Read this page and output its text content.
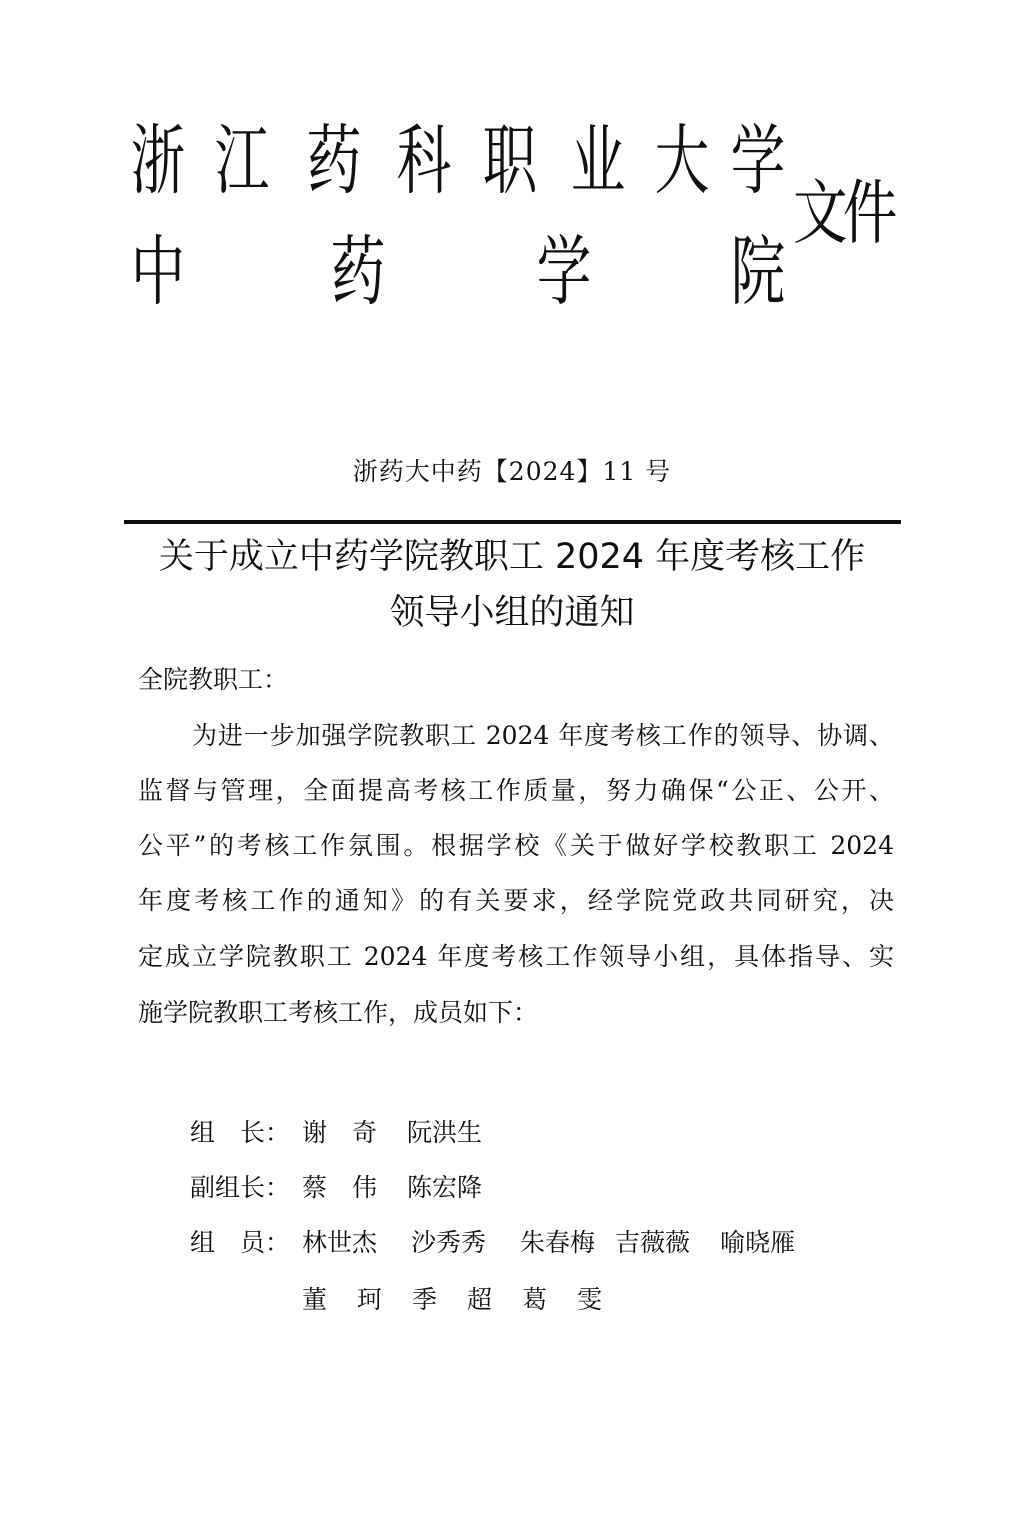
浙 江 药 科 职 业 大 学
中 药 学 院
文件
浙药大中药【2024】11 号
关于成立中药学院教职工 2024 年度考核工作
领导小组的通知
全院教职工：
为进一步加强学院教职工 2024 年度考核工作的领导、协调、
监督与管理，全面提高考核工作质量，努力确保“公正、公开、
公平”的考核工作氛围。根据学校《关于做好学校教职工 2024
年度考核工作的通知》的有关要求，经学院党政共同研究，决
定成立学院教职工 2024 年度考核工作领导小组，具体指导、实
施学院教职工考核工作，成员如下：
组　长： 谢　奇 阮洪生
副组长： 蔡　伟 陈宏降
组　员： 林世杰 沙秀秀 朱春梅 吉薇薇 喻晓雁
董 珂 季 超 葛 雯
